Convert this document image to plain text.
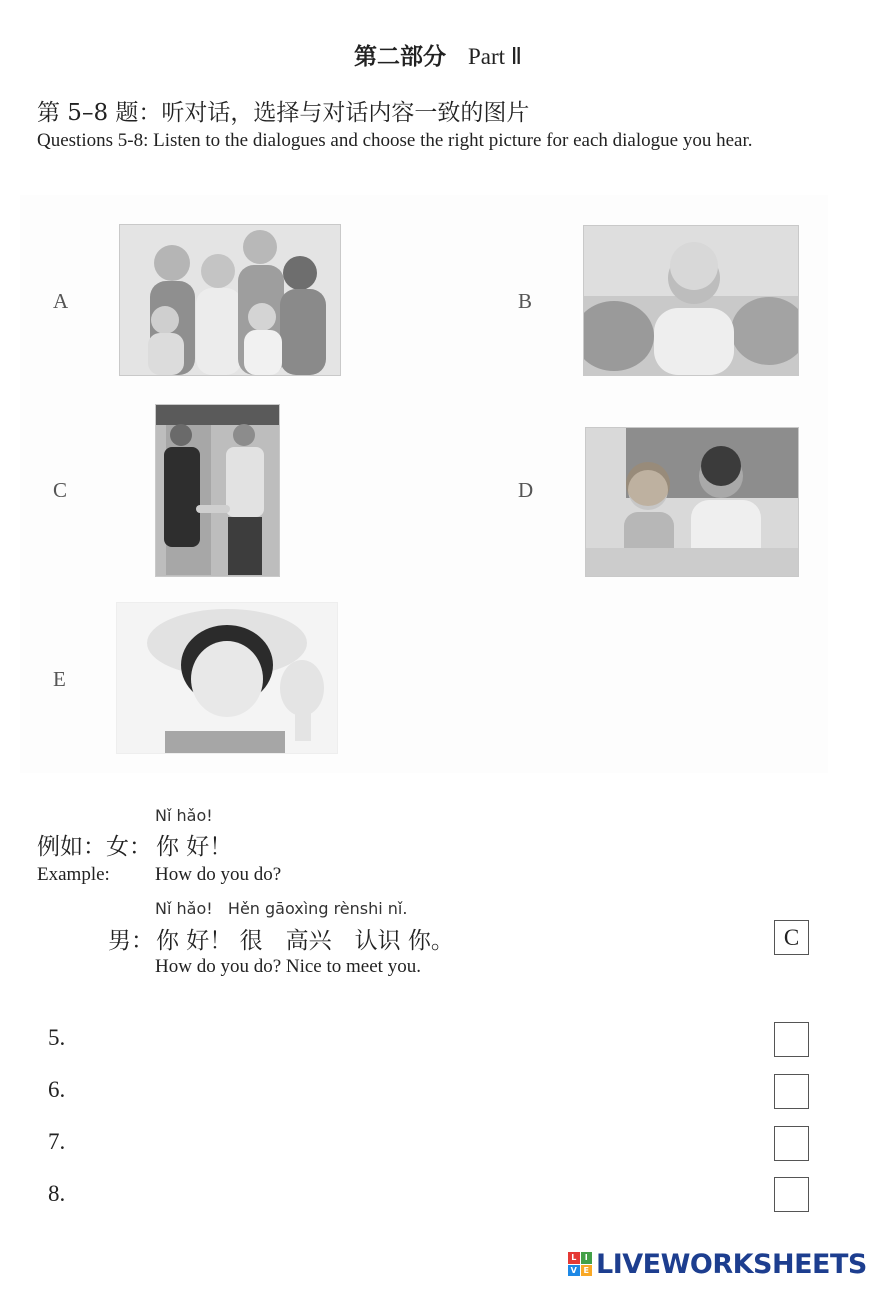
第二部分 Part Ⅱ
第 5–8 题：听对话，选择与对话内容一致的图片
Questions 5-8: Listen to the dialogues and choose the right picture for each dialogue you hear.
A	B
C	D
E
Nǐ hǎo!
例如：女： 你 好！
Example: How do you do?
Nǐ hǎo!   Hěn gāoxìng rènshi nǐ.
男： 你 好！ 很　高兴　认识 你。
How do you do? Nice to meet you.
C
5.
6.
7.
8.
L	I
V E LIVEWORKSHEETS
